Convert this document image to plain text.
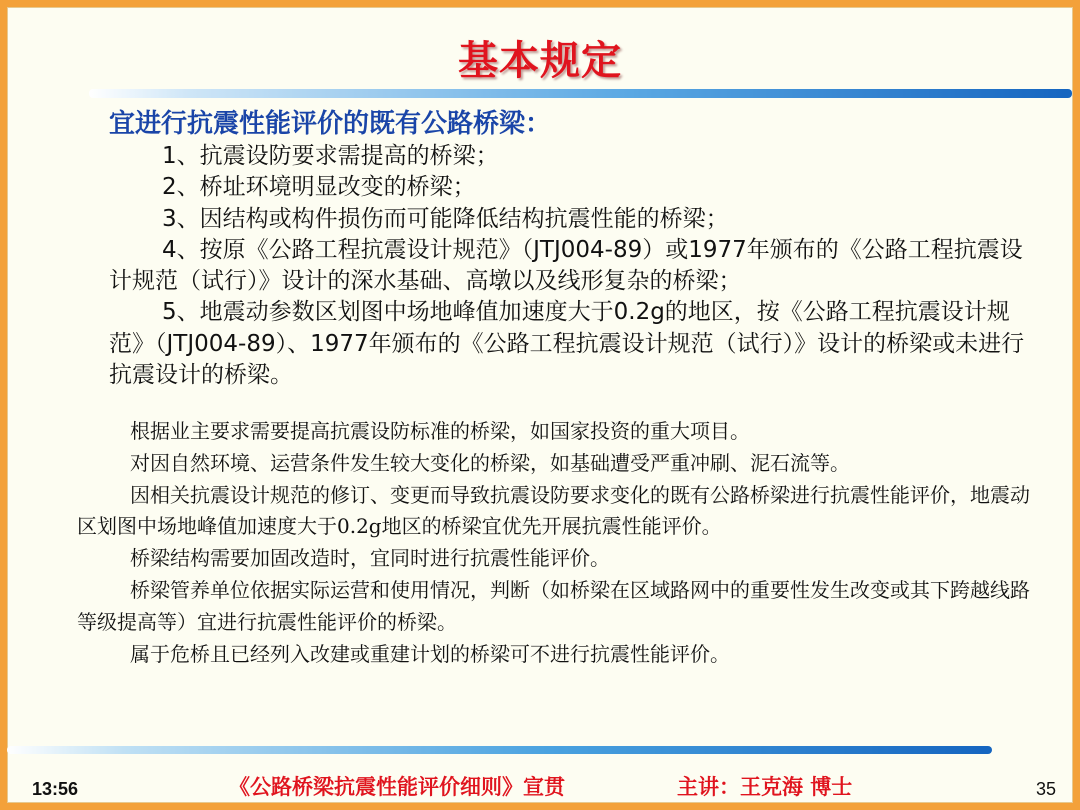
基本规定
宜进行抗震性能评价的既有公路桥梁：

1、抗震设防要求需提高的桥梁；

2、桥址环境明显改变的桥梁；

3、因结构或构件损伤而可能降低结构抗震性能的桥梁；

4、按原《公路工程抗震设计规范》（JTJ004-89）或1977年颁布的《公路工程抗震设计规范（试行）》设计的深水基础、高墩以及线形复杂的桥梁；

5、地震动参数区划图中场地峰值加速度大于0.2g的地区，按《公路工程抗震设计规范》（JTJ004-89）、1977年颁布的《公路工程抗震设计规范（试行）》设计的桥梁或未进行抗震设计的桥梁。

根据业主要求需要提高抗震设防标准的桥梁，如国家投资的重大项目。

对因自然环境、运营条件发生较大变化的桥梁，如基础遭受严重冲刷、泥石流等。

因相关抗震设计规范的修订、变更而导致抗震设防要求变化的既有公路桥梁进行抗震性能评价，地震动区划图中场地峰值加速度大于0.2g地区的桥梁宜优先开展抗震性能评价。

桥梁结构需要加固改造时，宜同时进行抗震性能评价。

桥梁管养单位依据实际运营和使用情况，判断（如桥梁在区域路网中的重要性发生改变或其下跨越线路等级提高等）宜进行抗震性能评价的桥梁。

属于危桥且已经列入改建或重建计划的桥梁可不进行抗震性能评价。

13:56	《公路桥梁抗震性能评价细则》宣贯	主讲：王克海 博士	35
